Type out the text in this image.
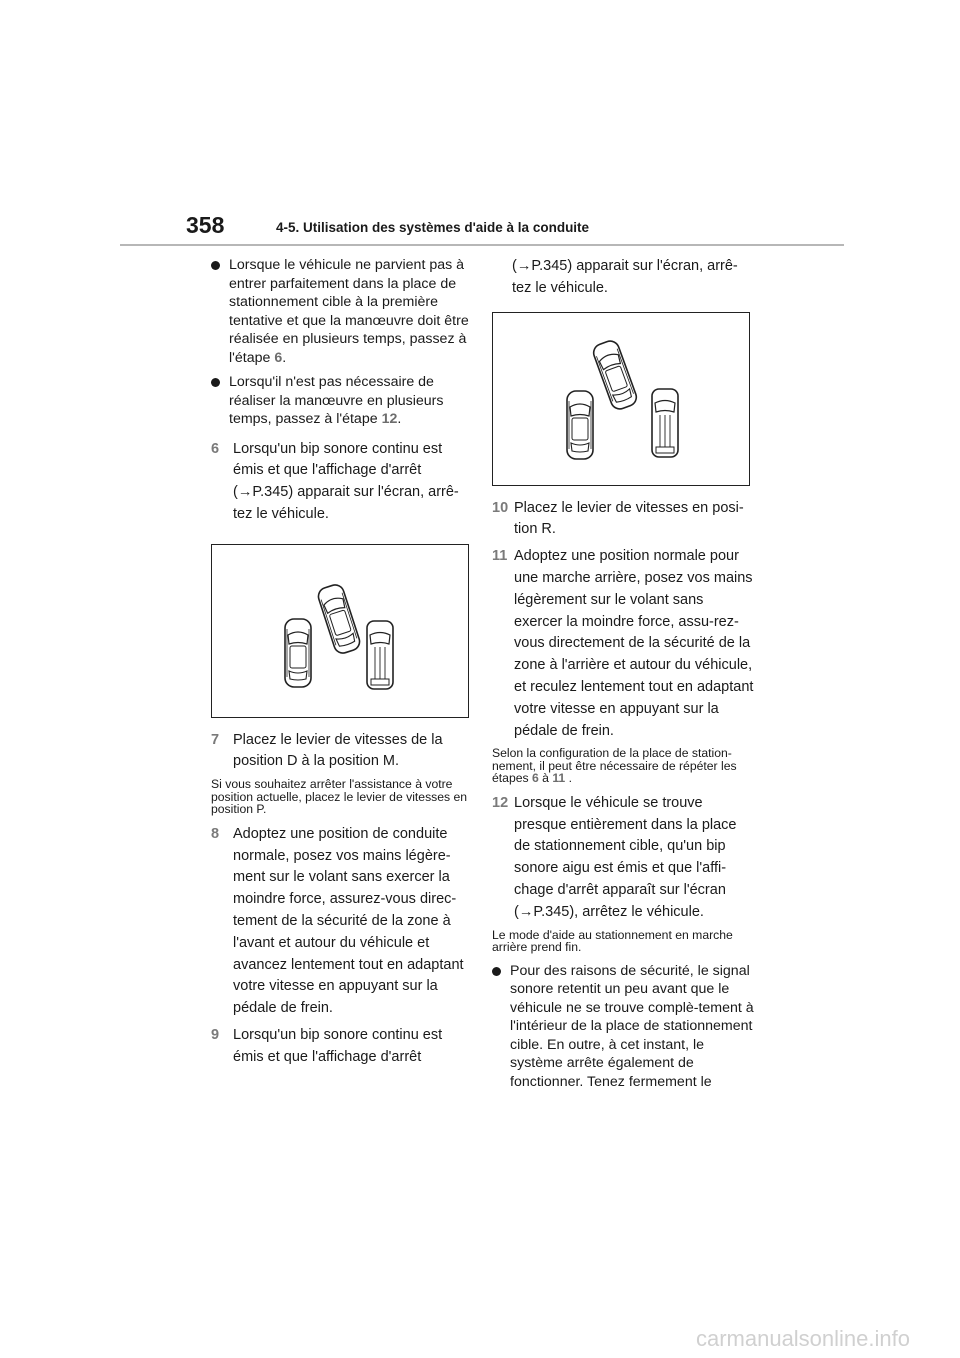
358	4-5. Utilisation des systèmes d'aide à la conduite
Lorsque le véhicule ne parvient pas à entrer parfaitement dans la place de stationnement cible à la première tentative et que la manœuvre doit être réalisée en plusieurs temps, passez à l'étape 6.
Lorsqu'il n'est pas nécessaire de réaliser la manœuvre en plusieurs temps, passez à l'étape 12.
6 Lorsqu'un bip sonore continu est émis et que l'affichage d'arrêt (→P.345) apparait sur l'écran, arrê-tez le véhicule.
7 Placez le levier de vitesses de la position D à la position M.

Si vous souhaitez arrêter l'assistance à votre position actuelle, placez le levier de vitesses en position P.

8 Adoptez une position de conduite normale, posez vos mains légère-ment sur le volant sans exercer la moindre force, assurez-vous direc-tement de la sécurité de la zone à l'avant et autour du véhicule et avancez lentement tout en adaptant votre vitesse en appuyant sur la pédale de frein.
9 Lorsqu'un bip sonore continu est émis et que l'affichage d'arrêt

(→P.345) apparait sur l'écran, arrê-tez le véhicule.

10 Placez le levier de vitesses en posi-tion R.
11 Adoptez une position normale pour une marche arrière, posez vos mains légèrement sur le volant sans exercer la moindre force, assu-rez-vous directement de la sécurité de la zone à l'arrière et autour du véhicule, et reculez lentement tout en adaptant votre vitesse en appuyant sur la pédale de frein.

Selon la configuration de la place de station-nement, il peut être nécessaire de répéter les étapes 6 à 11 .

12 Lorsque le véhicule se trouve presque entièrement dans la place de stationnement cible, qu'un bip sonore aigu est émis et que l'affi-chage d'arrêt apparaît sur l'écran (→P.345), arrêtez le véhicule.

Le mode d'aide au stationnement en marche arrière prend fin.

Pour des raisons de sécurité, le signal sonore retentit un peu avant que le véhicule ne se trouve complè-tement à l'intérieur de la place de stationnement cible. En outre, à cet instant, le système arrête également de fonctionner. Tenez fermement le
carmanualsonline.info
